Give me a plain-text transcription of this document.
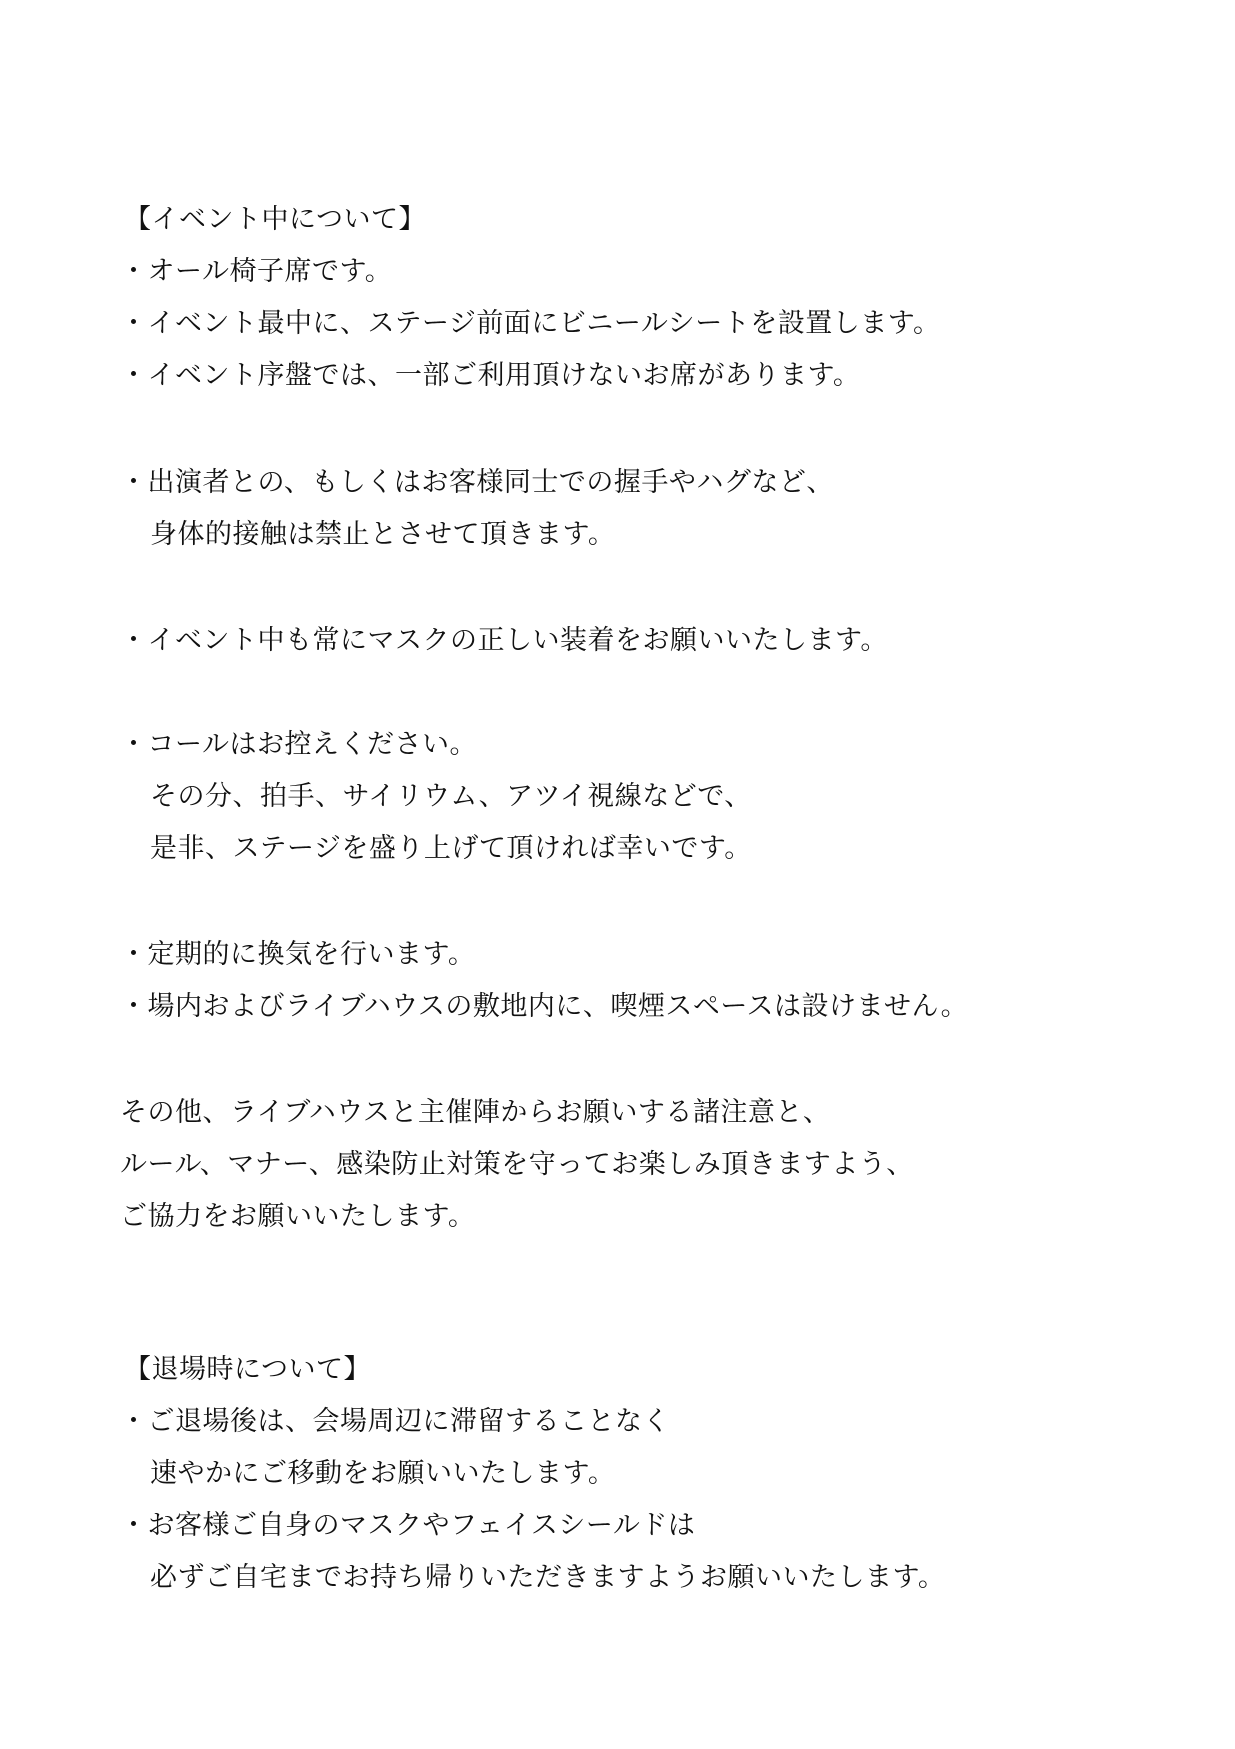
【イベント中について】
・オール椅子席です。
・イベント最中に、ステージ前面にビニールシートを設置します。
・イベント序盤では、一部ご利用頂けないお席があります。
・出演者との、もしくはお客様同士での握手やハグなど、
身体的接触は禁止とさせて頂きます。
・イベント中も常にマスクの正しい装着をお願いいたします。
・コールはお控えください。
その分、拍手、サイリウム、アツイ視線などで、
是非、ステージを盛り上げて頂ければ幸いです。
・定期的に換気を行います。
・場内およびライブハウスの敷地内に、喫煙スペースは設けません。
その他、ライブハウスと主催陣からお願いする諸注意と、
ルール、マナー、感染防止対策を守ってお楽しみ頂きますよう、
ご協力をお願いいたします。
【退場時について】
・ご退場後は、会場周辺に滞留することなく
速やかにご移動をお願いいたします。
・お客様ご自身のマスクやフェイスシールドは
必ずご自宅までお持ち帰りいただきますようお願いいたします。
